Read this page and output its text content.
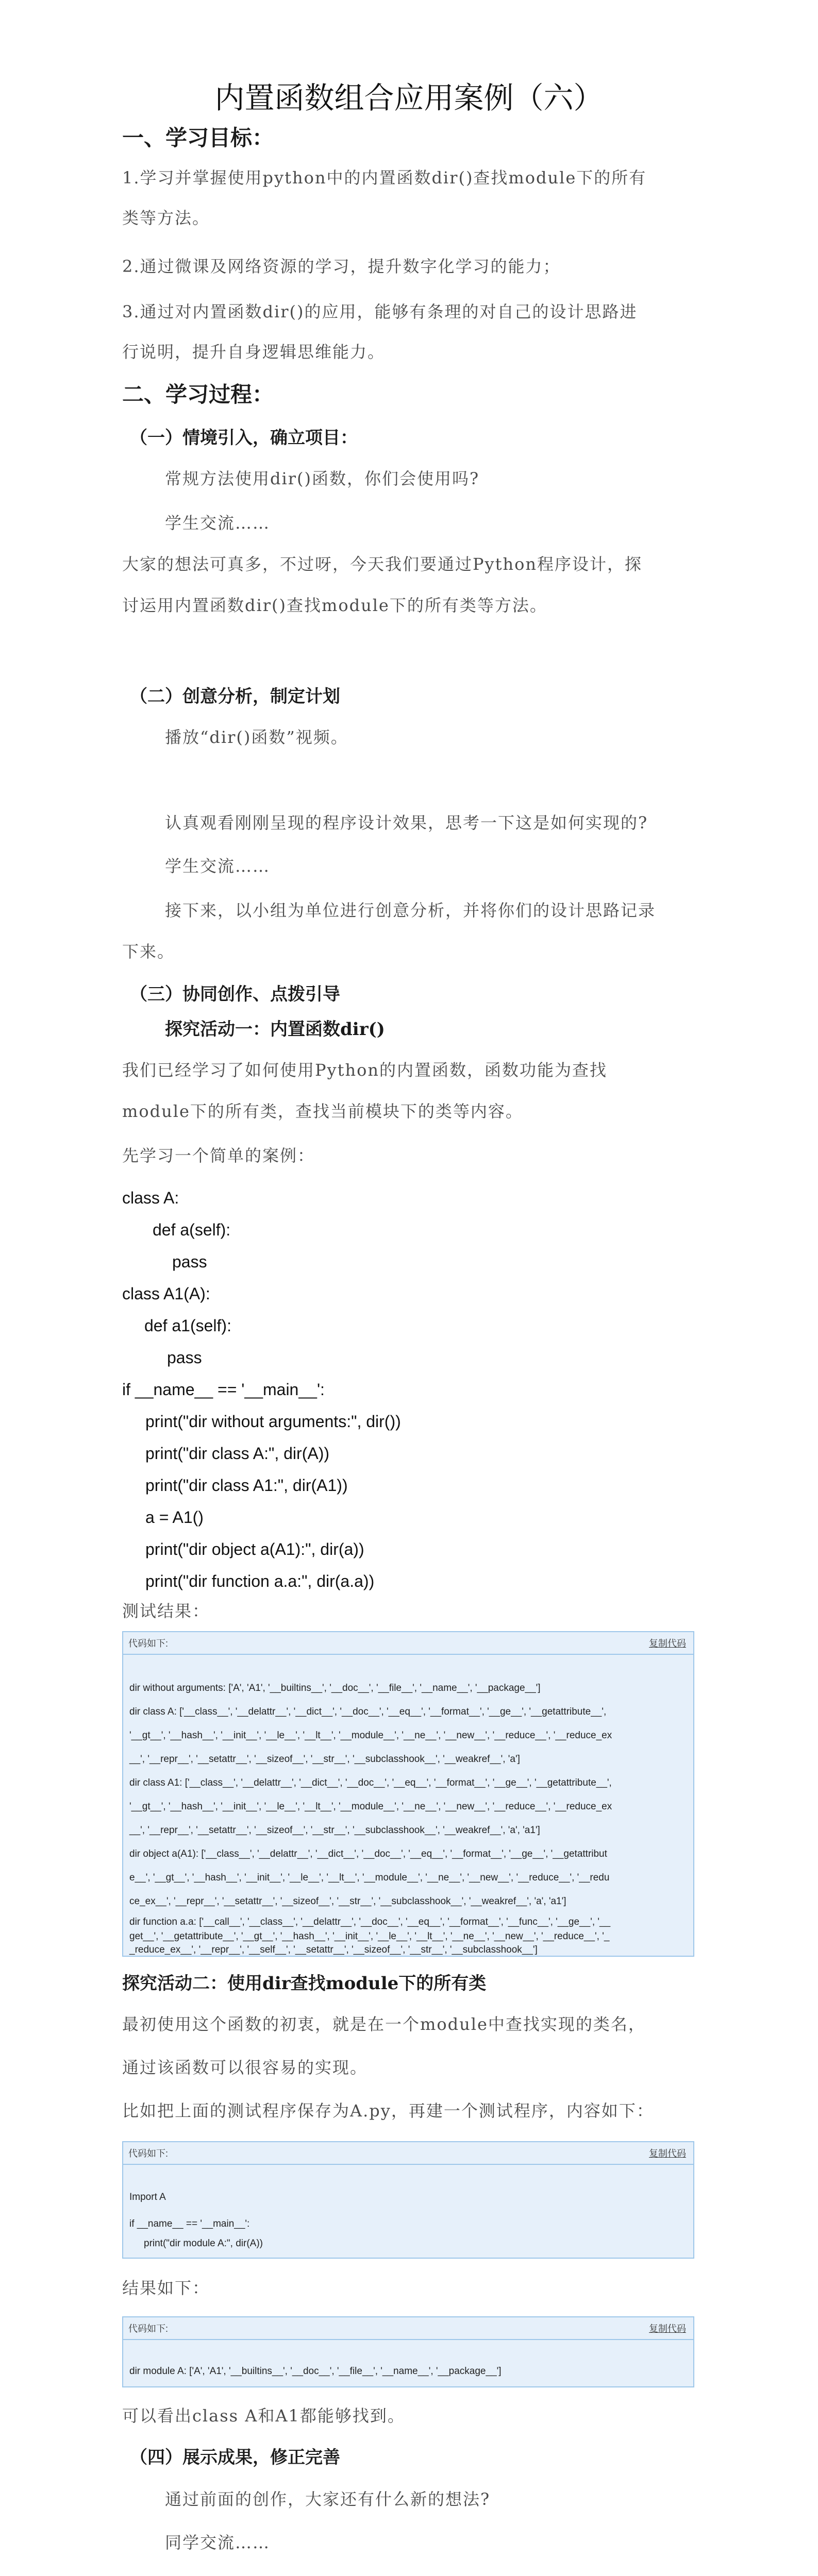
内置函数组合应用案例（六）
一、学习目标：
1.学习并掌握使用python中的内置函数dir()查找module下的所有
类等方法。
2.通过微课及网络资源的学习，提升数字化学习的能力；
3.通过对内置函数dir()的应用，能够有条理的对自己的设计思路进
行说明，提升自身逻辑思维能力。
二、学习过程：
（一）情境引入，确立项目：
常规方法使用dir()函数，你们会使用吗?
学生交流……
大家的想法可真多，不过呀，今天我们要通过Python程序设计，探
讨运用内置函数dir()查找module下的所有类等方法。
（二）创意分析，制定计划
播放“dir()函数”视频。
认真观看刚刚呈现的程序设计效果，思考一下这是如何实现的?
学生交流……
接下来，以小组为单位进行创意分析，并将你们的设计思路记录
下来。
（三）协同创作、点拨引导
探究活动一：内置函数dir()
我们已经学习了如何使用Python的内置函数，函数功能为查找
module下的所有类，查找当前模块下的类等内容。
先学习一个简单的案例：
class A:
def a(self):
pass
class A1(A):
def a1(self):
pass
if __name__ == '__main__':
print("dir without arguments:", dir())
print("dir class A:", dir(A))
print("dir class A1:", dir(A1))
a = A1()
print("dir object a(A1):", dir(a))
print("dir function a.a:", dir(a.a))
测试结果：
代码如下:	复制代码
dir without arguments: ['A', 'A1', '__builtins__', '__doc__', '__file__', '__name__', '__package__']
dir class A: ['__class__', '__delattr__', '__dict__', '__doc__', '__eq__', '__format__', '__ge__', '__getattribute__',
'__gt__', '__hash__', '__init__', '__le__', '__lt__', '__module__', '__ne__', '__new__', '__reduce__', '__reduce_ex
__', '__repr__', '__setattr__', '__sizeof__', '__str__', '__subclasshook__', '__weakref__', 'a']
dir class A1: ['__class__', '__delattr__', '__dict__', '__doc__', '__eq__', '__format__', '__ge__', '__getattribute__',
'__gt__', '__hash__', '__init__', '__le__', '__lt__', '__module__', '__ne__', '__new__', '__reduce__', '__reduce_ex
__', '__repr__', '__setattr__', '__sizeof__', '__str__', '__subclasshook__', '__weakref__', 'a', 'a1']
dir object a(A1): ['__class__', '__delattr__', '__dict__', '__doc__', '__eq__', '__format__', '__ge__', '__getattribut
e__', '__gt__', '__hash__', '__init__', '__le__', '__lt__', '__module__', '__ne__', '__new__', '__reduce__', '__redu
ce_ex__', '__repr__', '__setattr__', '__sizeof__', '__str__', '__subclasshook__', '__weakref__', 'a', 'a1']
dir function a.a: ['__call__', '__class__', '__delattr__', '__doc__', '__eq__', '__format__', '__func__', '__ge__', '__
get__', '__getattribute__', '__gt__', '__hash__', '__init__', '__le__', '__lt__', '__ne__', '__new__', '__reduce__', '_
_reduce_ex__', '__repr__', '__self__', '__setattr__', '__sizeof__', '__str__', '__subclasshook__']
探究活动二：使用dir查找module下的所有类
最初使用这个函数的初衷，就是在一个module中查找实现的类名，
通过该函数可以很容易的实现。
比如把上面的测试程序保存为A.py，再建一个测试程序，内容如下：
代码如下:	复制代码
Import A
if __name__ == '__main__':
print("dir module A:", dir(A))
结果如下：
代码如下:	复制代码
dir module A: ['A', 'A1', '__builtins__', '__doc__', '__file__', '__name__', '__package__']
可以看出class A和A1都能够找到。
（四）展示成果，修正完善
通过前面的创作，大家还有什么新的想法?
同学交流……
